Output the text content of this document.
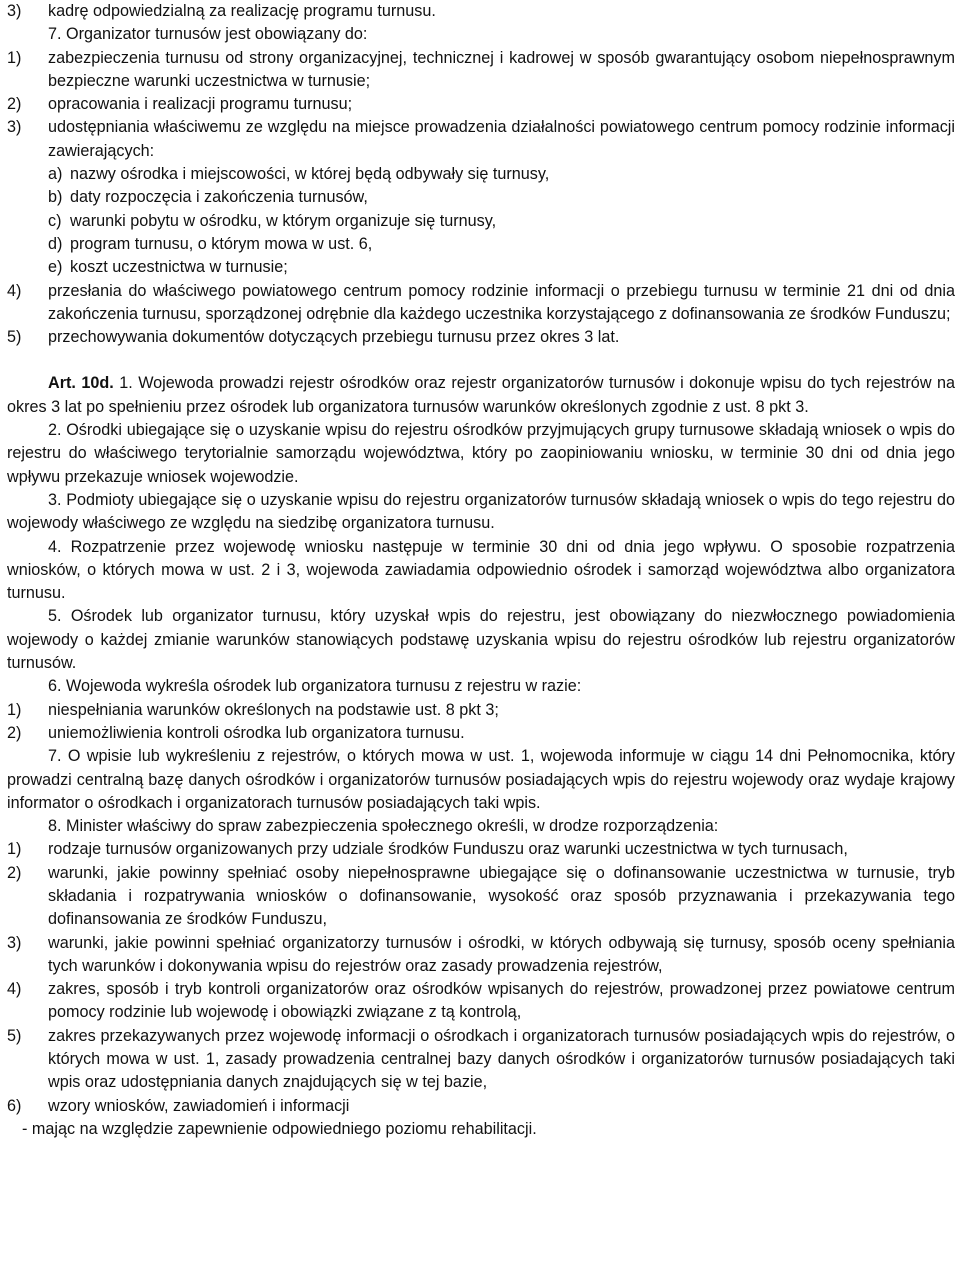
3) kadrę odpowiedzialną za realizację programu turnusu.
7. Organizator turnusów jest obowiązany do:
1) zabezpieczenia turnusu od strony organizacyjnej, technicznej i kadrowej w sposób gwarantujący osobom niepełnosprawnym bezpieczne warunki uczestnictwa w turnusie;
2) opracowania i realizacji programu turnusu;
3) udostępniania właściwemu ze względu na miejsce prowadzenia działalności powiatowego centrum pomocy rodzinie informacji zawierających:
a) nazwy ośrodka i miejscowości, w której będą odbywały się turnusy,
b) daty rozpoczęcia i zakończenia turnusów,
c) warunki pobytu w ośrodku, w którym organizuje się turnusy,
d) program turnusu, o którym mowa w ust. 6,
e) koszt uczestnictwa w turnusie;
4) przesłania do właściwego powiatowego centrum pomocy rodzinie informacji o przebiegu turnusu w terminie 21 dni od dnia zakończenia turnusu, sporządzonej odrębnie dla każdego uczestnika korzystającego z dofinansowania ze środków Funduszu;
5) przechowywania dokumentów dotyczących przebiegu turnusu przez okres 3 lat.
Art. 10d. 1. Wojewoda prowadzi rejestr ośrodków oraz rejestr organizatorów turnusów i dokonuje wpisu do tych rejestrów na okres 3 lat po spełnieniu przez ośrodek lub organizatora turnusów warunków określonych zgodnie z ust. 8 pkt 3.
2. Ośrodki ubiegające się o uzyskanie wpisu do rejestru ośrodków przyjmujących grupy turnusowe składają wniosek o wpis do rejestru do właściwego terytorialnie samorządu województwa, który po zaopiniowaniu wniosku, w terminie 30 dni od dnia jego wpływu przekazuje wniosek wojewodzie.
3. Podmioty ubiegające się o uzyskanie wpisu do rejestru organizatorów turnusów składają wniosek o wpis do tego rejestru do wojewody właściwego ze względu na siedzibę organizatora turnusu.
4. Rozpatrzenie przez wojewodę wniosku następuje w terminie 30 dni od dnia jego wpływu. O sposobie rozpatrzenia wniosków, o których mowa w ust. 2 i 3, wojewoda zawiadamia odpowiednio ośrodek i samorząd województwa albo organizatora turnusu.
5. Ośrodek lub organizator turnusu, który uzyskał wpis do rejestru, jest obowiązany do niezwłocznego powiadomienia wojewody o każdej zmianie warunków stanowiących podstawę uzyskania wpisu do rejestru ośrodków lub rejestru organizatorów turnusów.
6. Wojewoda wykreśla ośrodek lub organizatora turnusu z rejestru w razie:
1) niespełniania warunków określonych na podstawie ust. 8 pkt 3;
2) uniemożliwienia kontroli ośrodka lub organizatora turnusu.
7. O wpisie lub wykreśleniu z rejestrów, o których mowa w ust. 1, wojewoda informuje w ciągu 14 dni Pełnomocnika, który prowadzi centralną bazę danych ośrodków i organizatorów turnusów posiadających wpis do rejestru wojewody oraz wydaje krajowy informator o ośrodkach i organizatorach turnusów posiadających taki wpis.
8. Minister właściwy do spraw zabezpieczenia społecznego określi, w drodze rozporządzenia:
1) rodzaje turnusów organizowanych przy udziale środków Funduszu oraz warunki uczestnictwa w tych turnusach,
2) warunki, jakie powinny spełniać osoby niepełnosprawne ubiegające się o dofinansowanie uczestnictwa w turnusie, tryb składania i rozpatrywania wniosków o dofinansowanie, wysokość oraz sposób przyznawania i przekazywania tego dofinansowania ze środków Funduszu,
3) warunki, jakie powinni spełniać organizatorzy turnusów i ośrodki, w których odbywają się turnusy, sposób oceny spełniania tych warunków i dokonywania wpisu do rejestrów oraz zasady prowadzenia rejestrów,
4) zakres, sposób i tryb kontroli organizatorów oraz ośrodków wpisanych do rejestrów, prowadzonej przez powiatowe centrum pomocy rodzinie lub wojewodę i obowiązki związane z tą kontrolą,
5) zakres przekazywanych przez wojewodę informacji o ośrodkach i organizatorach turnusów posiadających wpis do rejestrów, o których mowa w ust. 1, zasady prowadzenia centralnej bazy danych ośrodków i organizatorów turnusów posiadających taki wpis oraz udostępniania danych znajdujących się w tej bazie,
6) wzory wniosków, zawiadomień i informacji
- mając na względzie zapewnienie odpowiedniego poziomu rehabilitacji.
